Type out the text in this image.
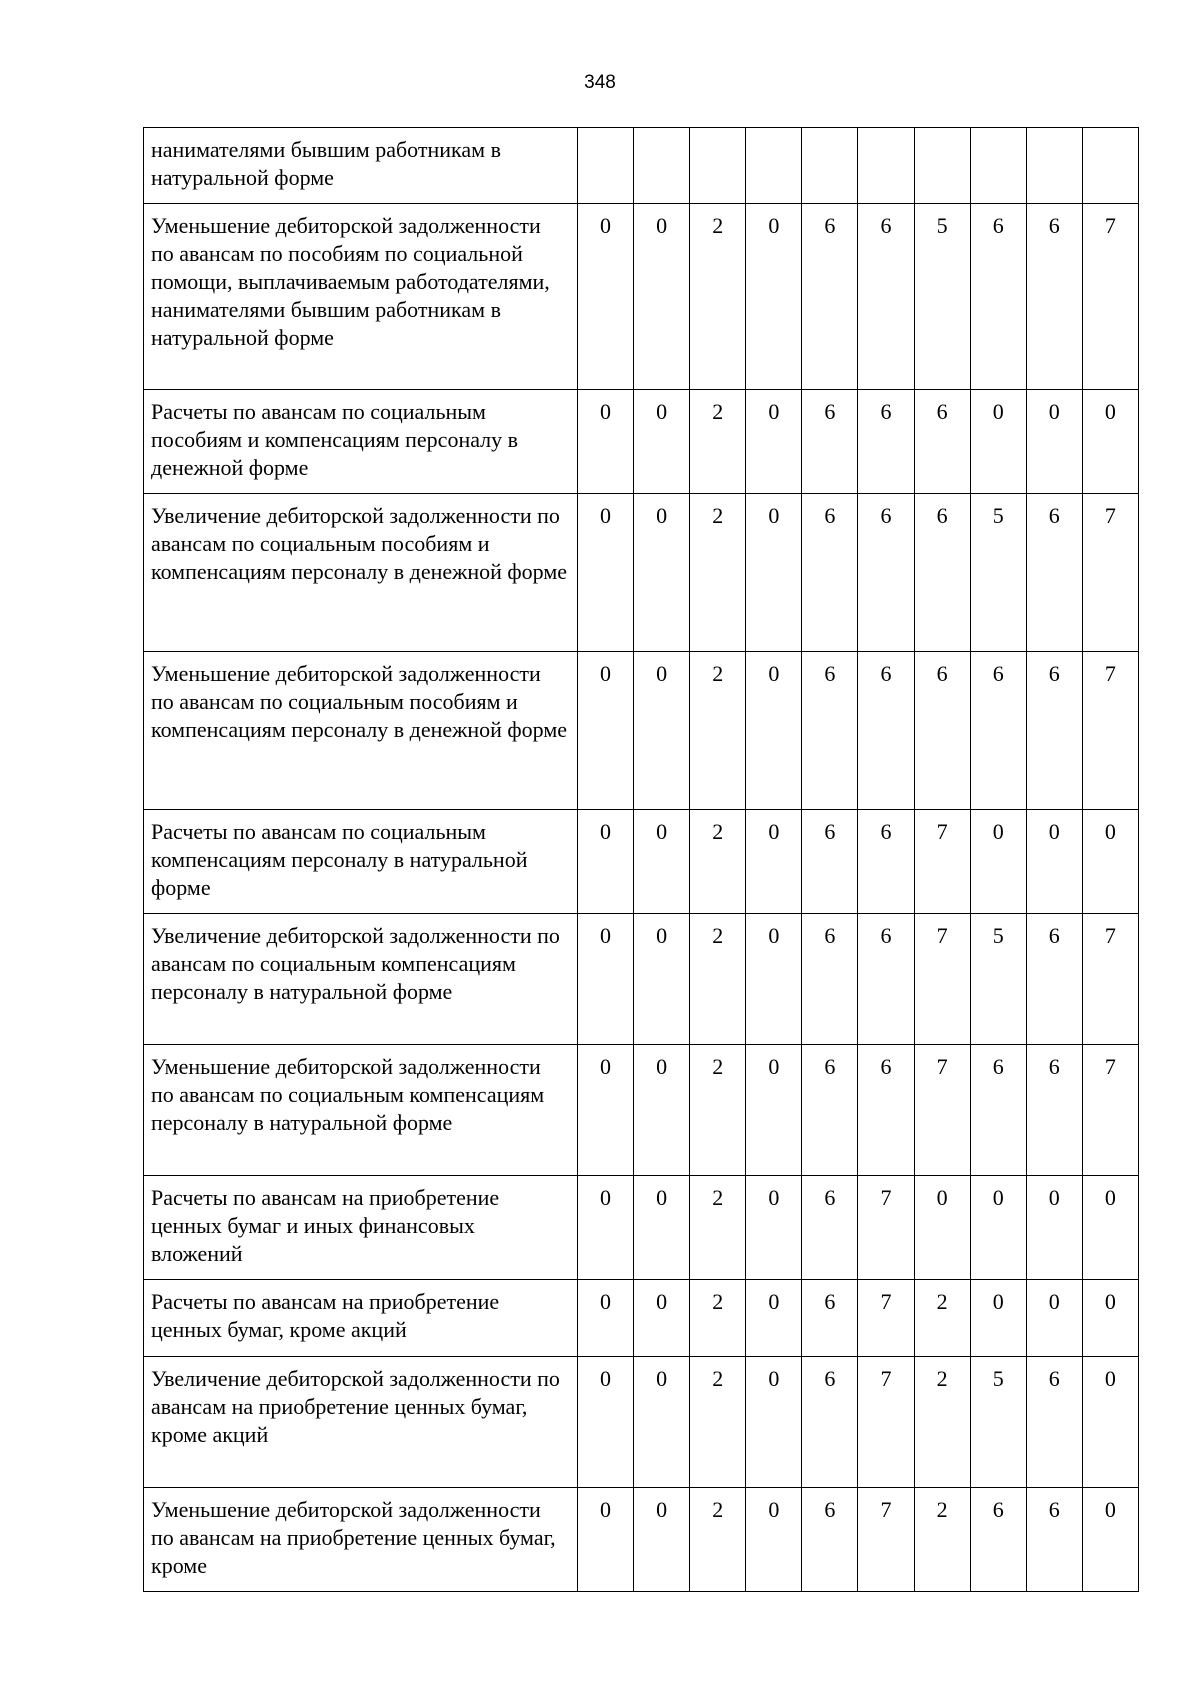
348
нанимателями бывшим работникам в натуральной форме										
Уменьшение дебиторской задолженности по авансам по пособиям по социальной помощи, выплачиваемым работодателями, нанимателями бывшим работникам в натуральной форме	0	0	2	0	6	6	5	6	6	7
Расчеты по авансам по социальным пособиям и компенсациям персоналу в денежной форме	0	0	2	0	6	6	6	0	0	0
Увеличение дебиторской задолженности по авансам по социальным пособиям и компенсациям персоналу в денежной форме	0	0	2	0	6	6	6	5	6	7
Уменьшение дебиторской задолженности по авансам по социальным пособиям и компенсациям персоналу в денежной форме	0	0	2	0	6	6	6	6	6	7
Расчеты по авансам по социальным компенсациям персоналу в натуральной форме	0	0	2	0	6	6	7	0	0	0
Увеличение дебиторской задолженности по авансам по социальным компенсациям персоналу в натуральной форме	0	0	2	0	6	6	7	5	6	7
Уменьшение дебиторской задолженности по авансам по социальным компенсациям персоналу в натуральной форме	0	0	2	0	6	6	7	6	6	7
Расчеты по авансам на приобретение ценных бумаг и иных финансовых вложений	0	0	2	0	6	7	0	0	0	0
Расчеты по авансам на приобретение ценных бумаг, кроме акций	0	0	2	0	6	7	2	0	0	0
Увеличение дебиторской задолженности по авансам на приобретение ценных бумаг, кроме акций	0	0	2	0	6	7	2	5	6	0
Уменьшение дебиторской задолженности по авансам на приобретение ценных бумаг, кроме	0	0	2	0	6	7	2	6	6	0
